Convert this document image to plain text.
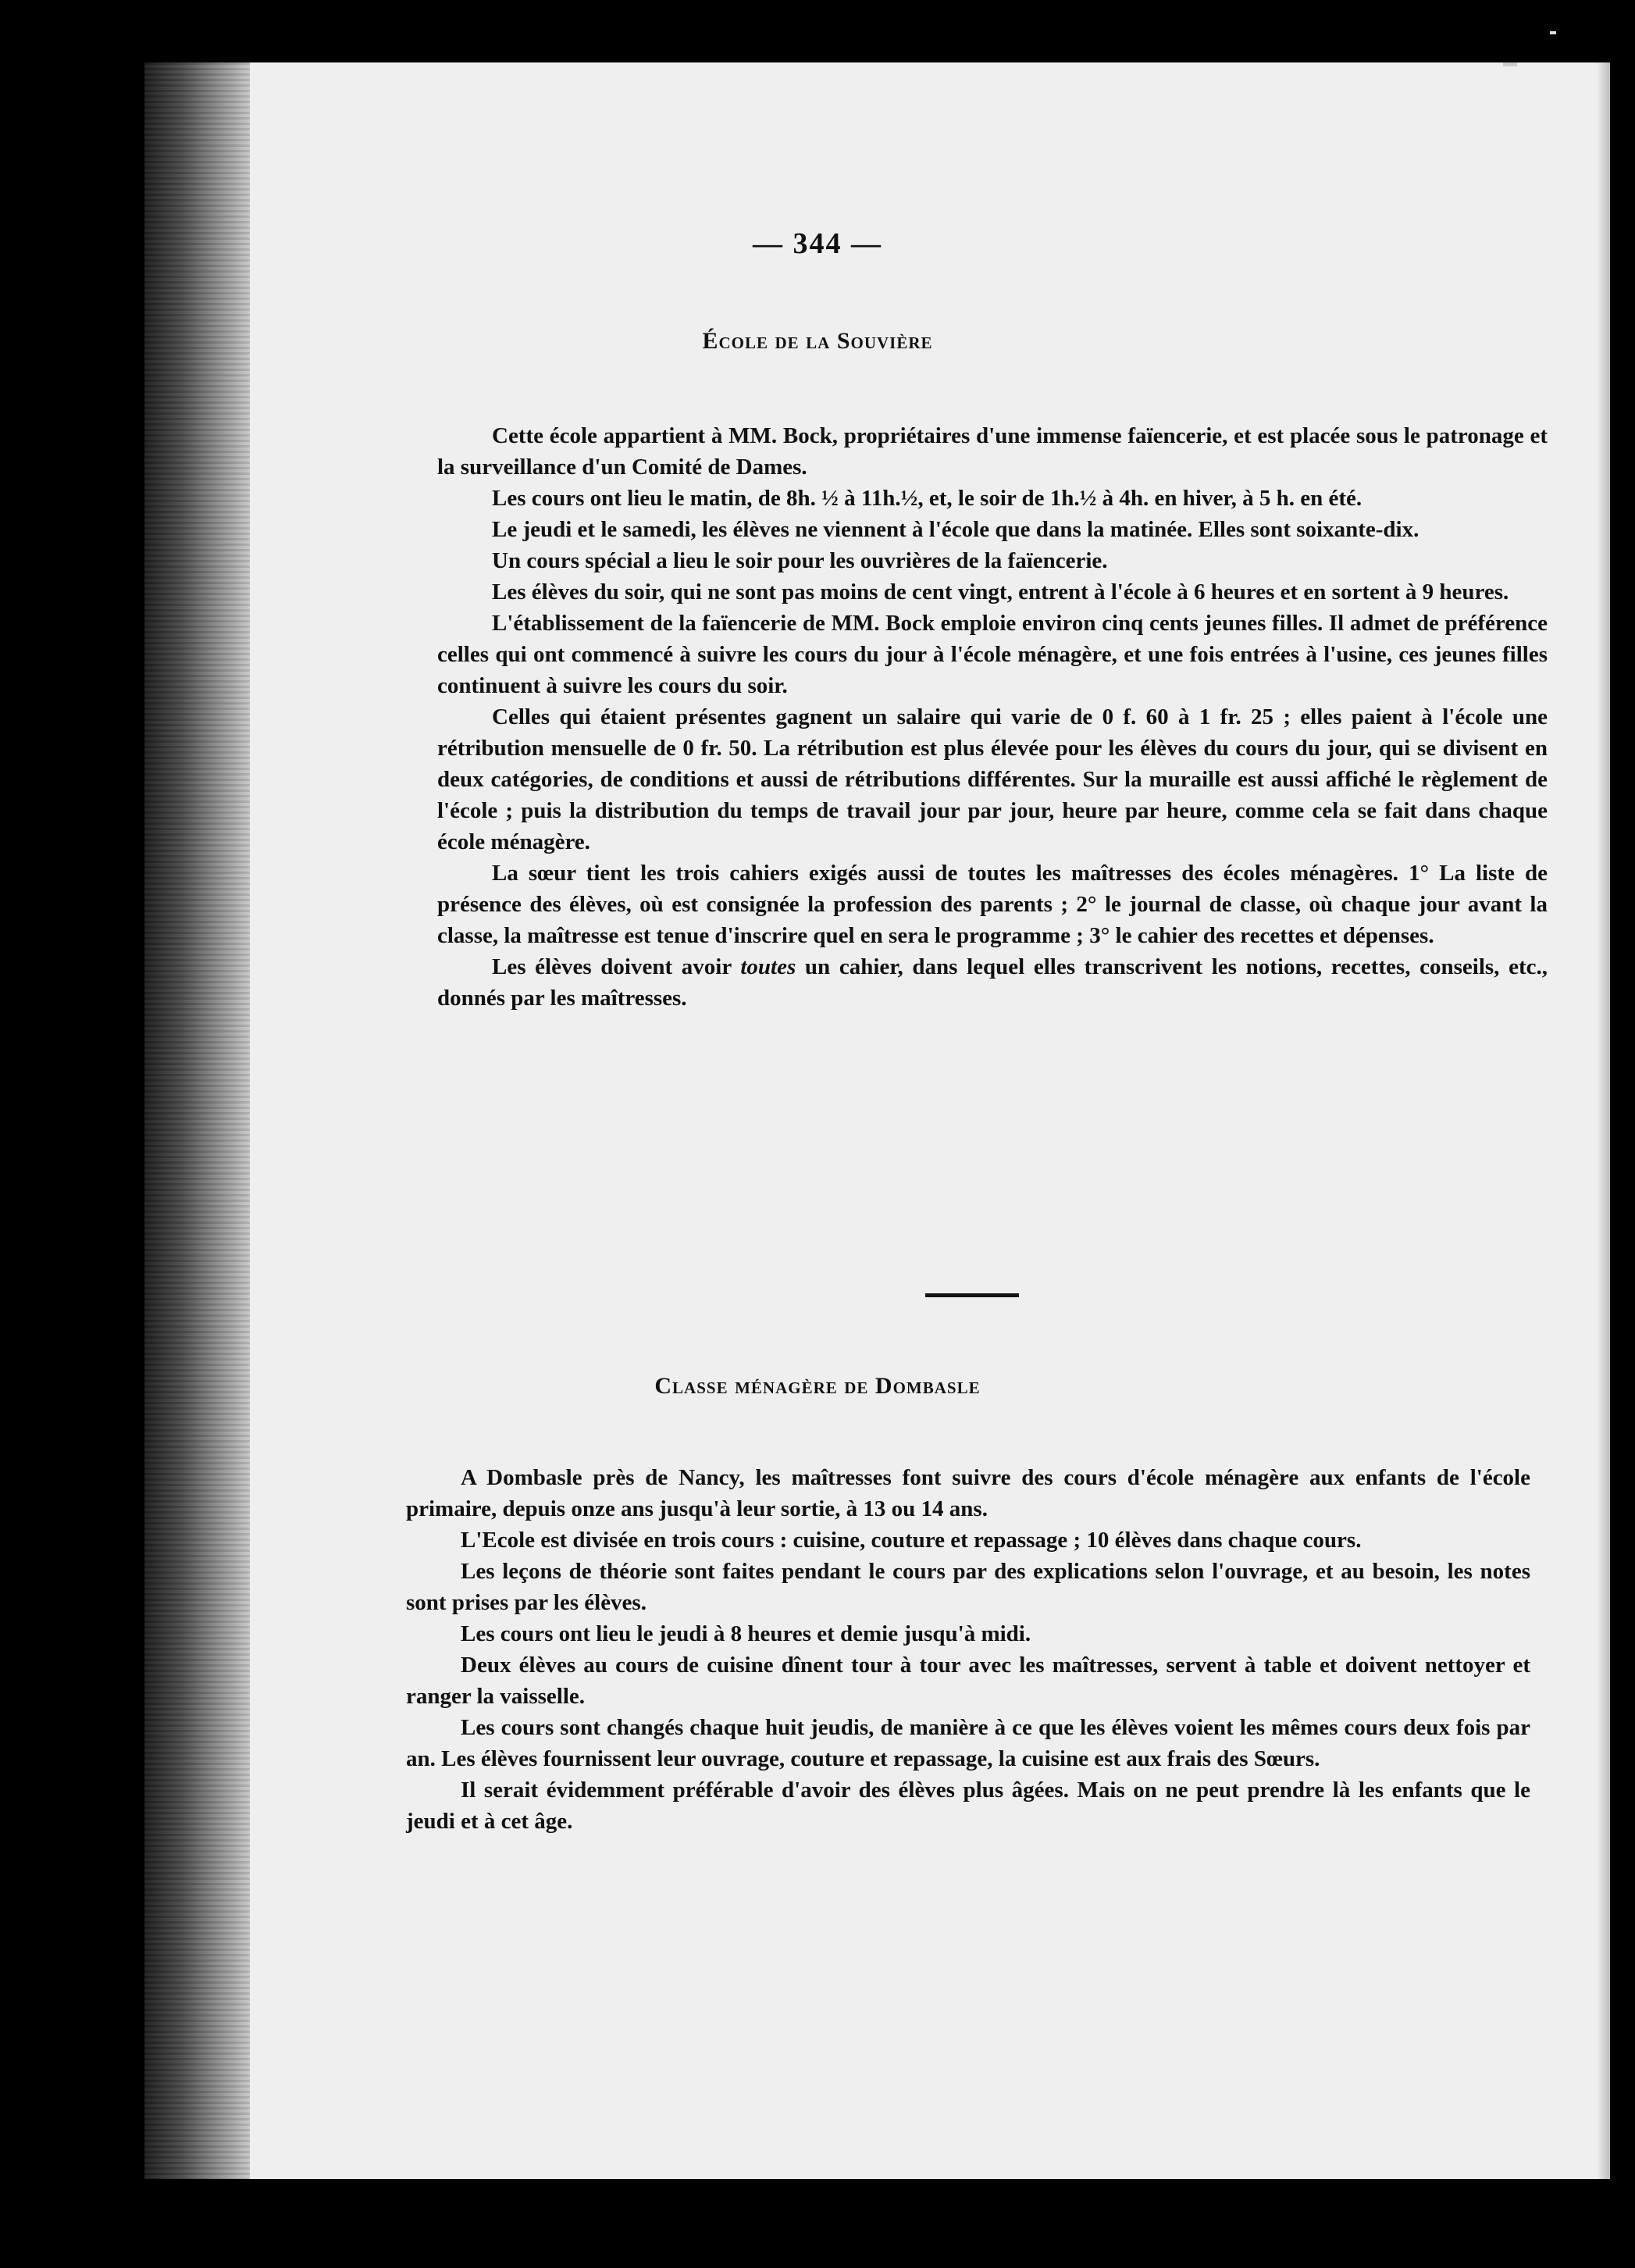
— 344 —
École de la Souvière

Cette école appartient à MM. Bock, propriétaires d'une immense faïencerie, et est placée sous le patronage et la surveillance d'un Comité de Dames.

Les cours ont lieu le matin, de 8h. ½ à 11h.½, et, le soir de 1h.½ à 4h. en hiver, à 5 h. en été.

Le jeudi et le samedi, les élèves ne viennent à l'école que dans la matinée. Elles sont soixante-dix.

Un cours spécial a lieu le soir pour les ouvrières de la faïencerie.

Les élèves du soir, qui ne sont pas moins de cent vingt, entrent à l'école à 6 heures et en sortent à 9 heures.

L'établissement de la faïencerie de MM. Bock emploie environ cinq cents jeunes filles. Il admet de préférence celles qui ont commencé à suivre les cours du jour à l'école ménagère, et une fois entrées à l'usine, ces jeunes filles continuent à suivre les cours du soir.

Celles qui étaient présentes gagnent un salaire qui varie de 0 f. 60 à 1 fr. 25 ; elles paient à l'école une rétribution mensuelle de 0 fr. 50. La rétribution est plus élevée pour les élèves du cours du jour, qui se divisent en deux catégories, de conditions et aussi de rétributions différentes. Sur la muraille est aussi affiché le règlement de l'école ; puis la distribution du temps de travail jour par jour, heure par heure, comme cela se fait dans chaque école ménagère.

La sœur tient les trois cahiers exigés aussi de toutes les maîtresses des écoles ménagères. 1° La liste de présence des élèves, où est consignée la profession des parents ; 2° le journal de classe, où chaque jour avant la classe, la maîtresse est tenue d'inscrire quel en sera le programme ; 3° le cahier des recettes et dépenses.

Les élèves doivent avoir toutes un cahier, dans lequel elles transcrivent les notions, recettes, conseils, etc., donnés par les maîtresses.

Classe ménagère de Dombasle

A Dombasle près de Nancy, les maîtresses font suivre des cours d'école ménagère aux enfants de l'école primaire, depuis onze ans jusqu'à leur sortie, à 13 ou 14 ans.

L'Ecole est divisée en trois cours : cuisine, couture et repassage ; 10 élèves dans chaque cours.

Les leçons de théorie sont faites pendant le cours par des explications selon l'ouvrage, et au besoin, les notes sont prises par les élèves.

Les cours ont lieu le jeudi à 8 heures et demie jusqu'à midi.

Deux élèves au cours de cuisine dînent tour à tour avec les maîtresses, servent à table et doivent nettoyer et ranger la vaisselle.

Les cours sont changés chaque huit jeudis, de manière à ce que les élèves voient les mêmes cours deux fois par an. Les élèves fournissent leur ouvrage, couture et repassage, la cuisine est aux frais des Sœurs.

Il serait évidemment préférable d'avoir des élèves plus âgées. Mais on ne peut prendre là les enfants que le jeudi et à cet âge.
